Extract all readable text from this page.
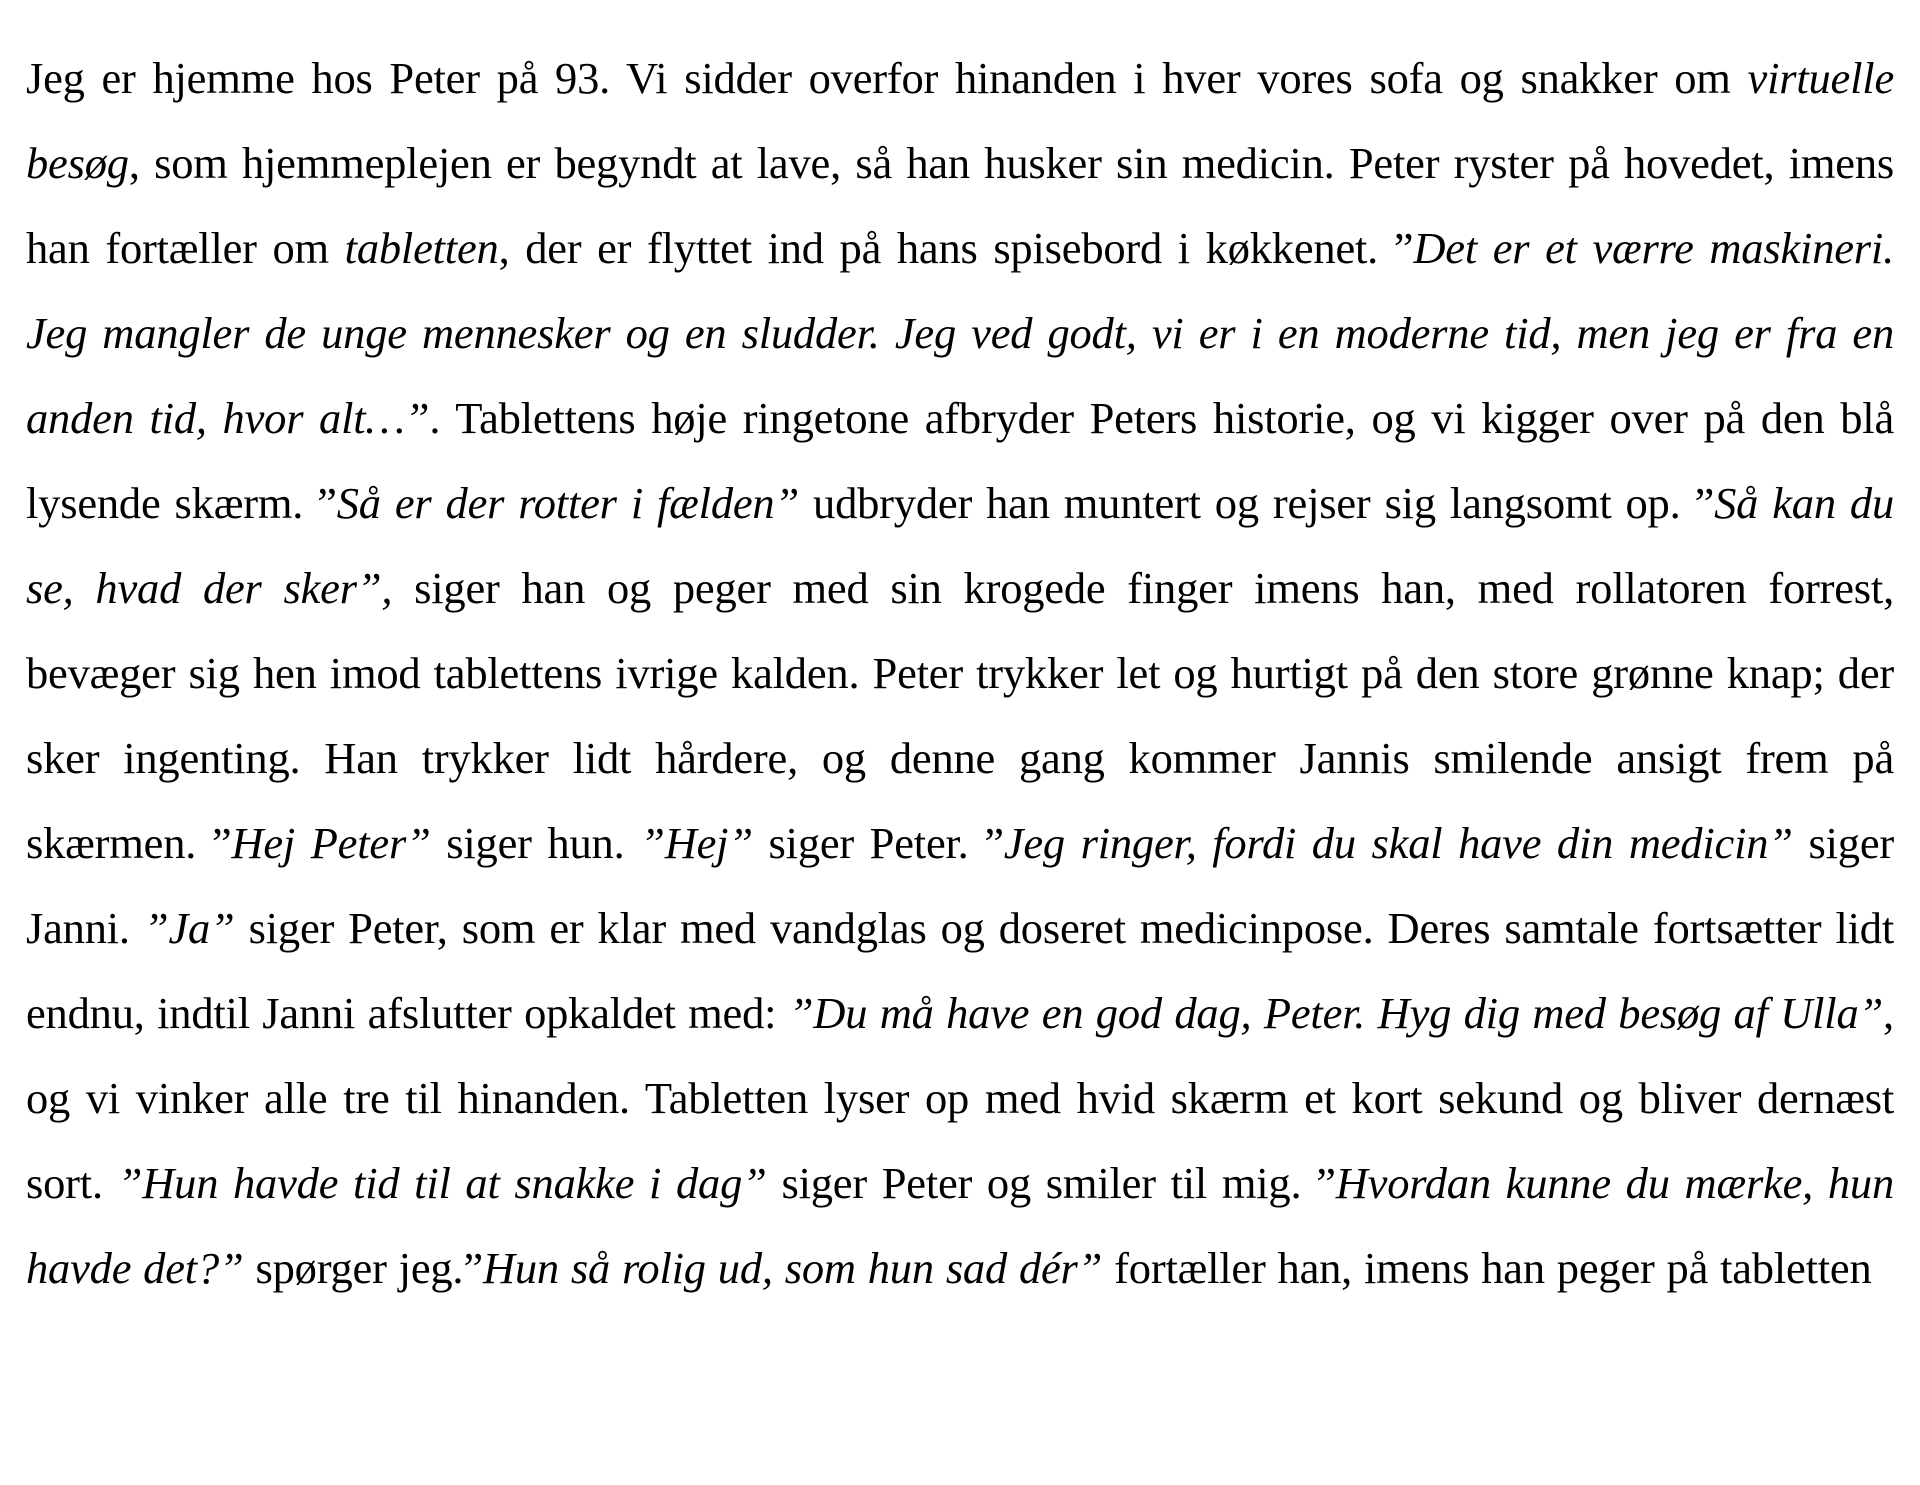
Jeg er hjemme hos Peter på 93. Vi sidder overfor hinanden i hver vores sofa og snakker om virtuelle besøg, som hjemmeplejen er begyndt at lave, så han husker sin medicin. Peter ryster på hovedet, imens han fortæller om tabletten, der er flyttet ind på hans spisebord i køkkenet. ”Det er et værre maskineri. Jeg mangler de unge mennesker og en sludder. Jeg ved godt, vi er i en moderne tid, men jeg er fra en anden tid, hvor alt…”. Tablettens høje ringetone afbryder Peters historie, og vi kigger over på den blå lysende skærm. ”Så er der rotter i fælden” udbryder han muntert og rejser sig langsomt op. ”Så kan du se, hvad der sker”, siger han og peger med sin krogede finger imens han, med rollatoren forrest, bevæger sig hen imod tablettens ivrige kalden. Peter trykker let og hurtigt på den store grønne knap; der sker ingenting. Han trykker lidt hårdere, og denne gang kommer Jannis smilende ansigt frem på skærmen. ”Hej Peter” siger hun. ”Hej” siger Peter. ”Jeg ringer, fordi du skal have din medicin” siger Janni. ”Ja” siger Peter, som er klar med vandglas og doseret medicinpose. Deres samtale fortsætter lidt endnu, indtil Janni afslutter opkaldet med: ”Du må have en god dag, Peter. Hyg dig med besøg af Ulla”, og vi vinker alle tre til hinanden. Tabletten lyser op med hvid skærm et kort sekund og bliver dernæst sort. ”Hun havde tid til at snakke i dag” siger Peter og smiler til mig. ”Hvordan kunne du mærke, hun havde det?” spørger jeg.”Hun så rolig ud, som hun sad dér” fortæller han, imens han peger på tabletten
